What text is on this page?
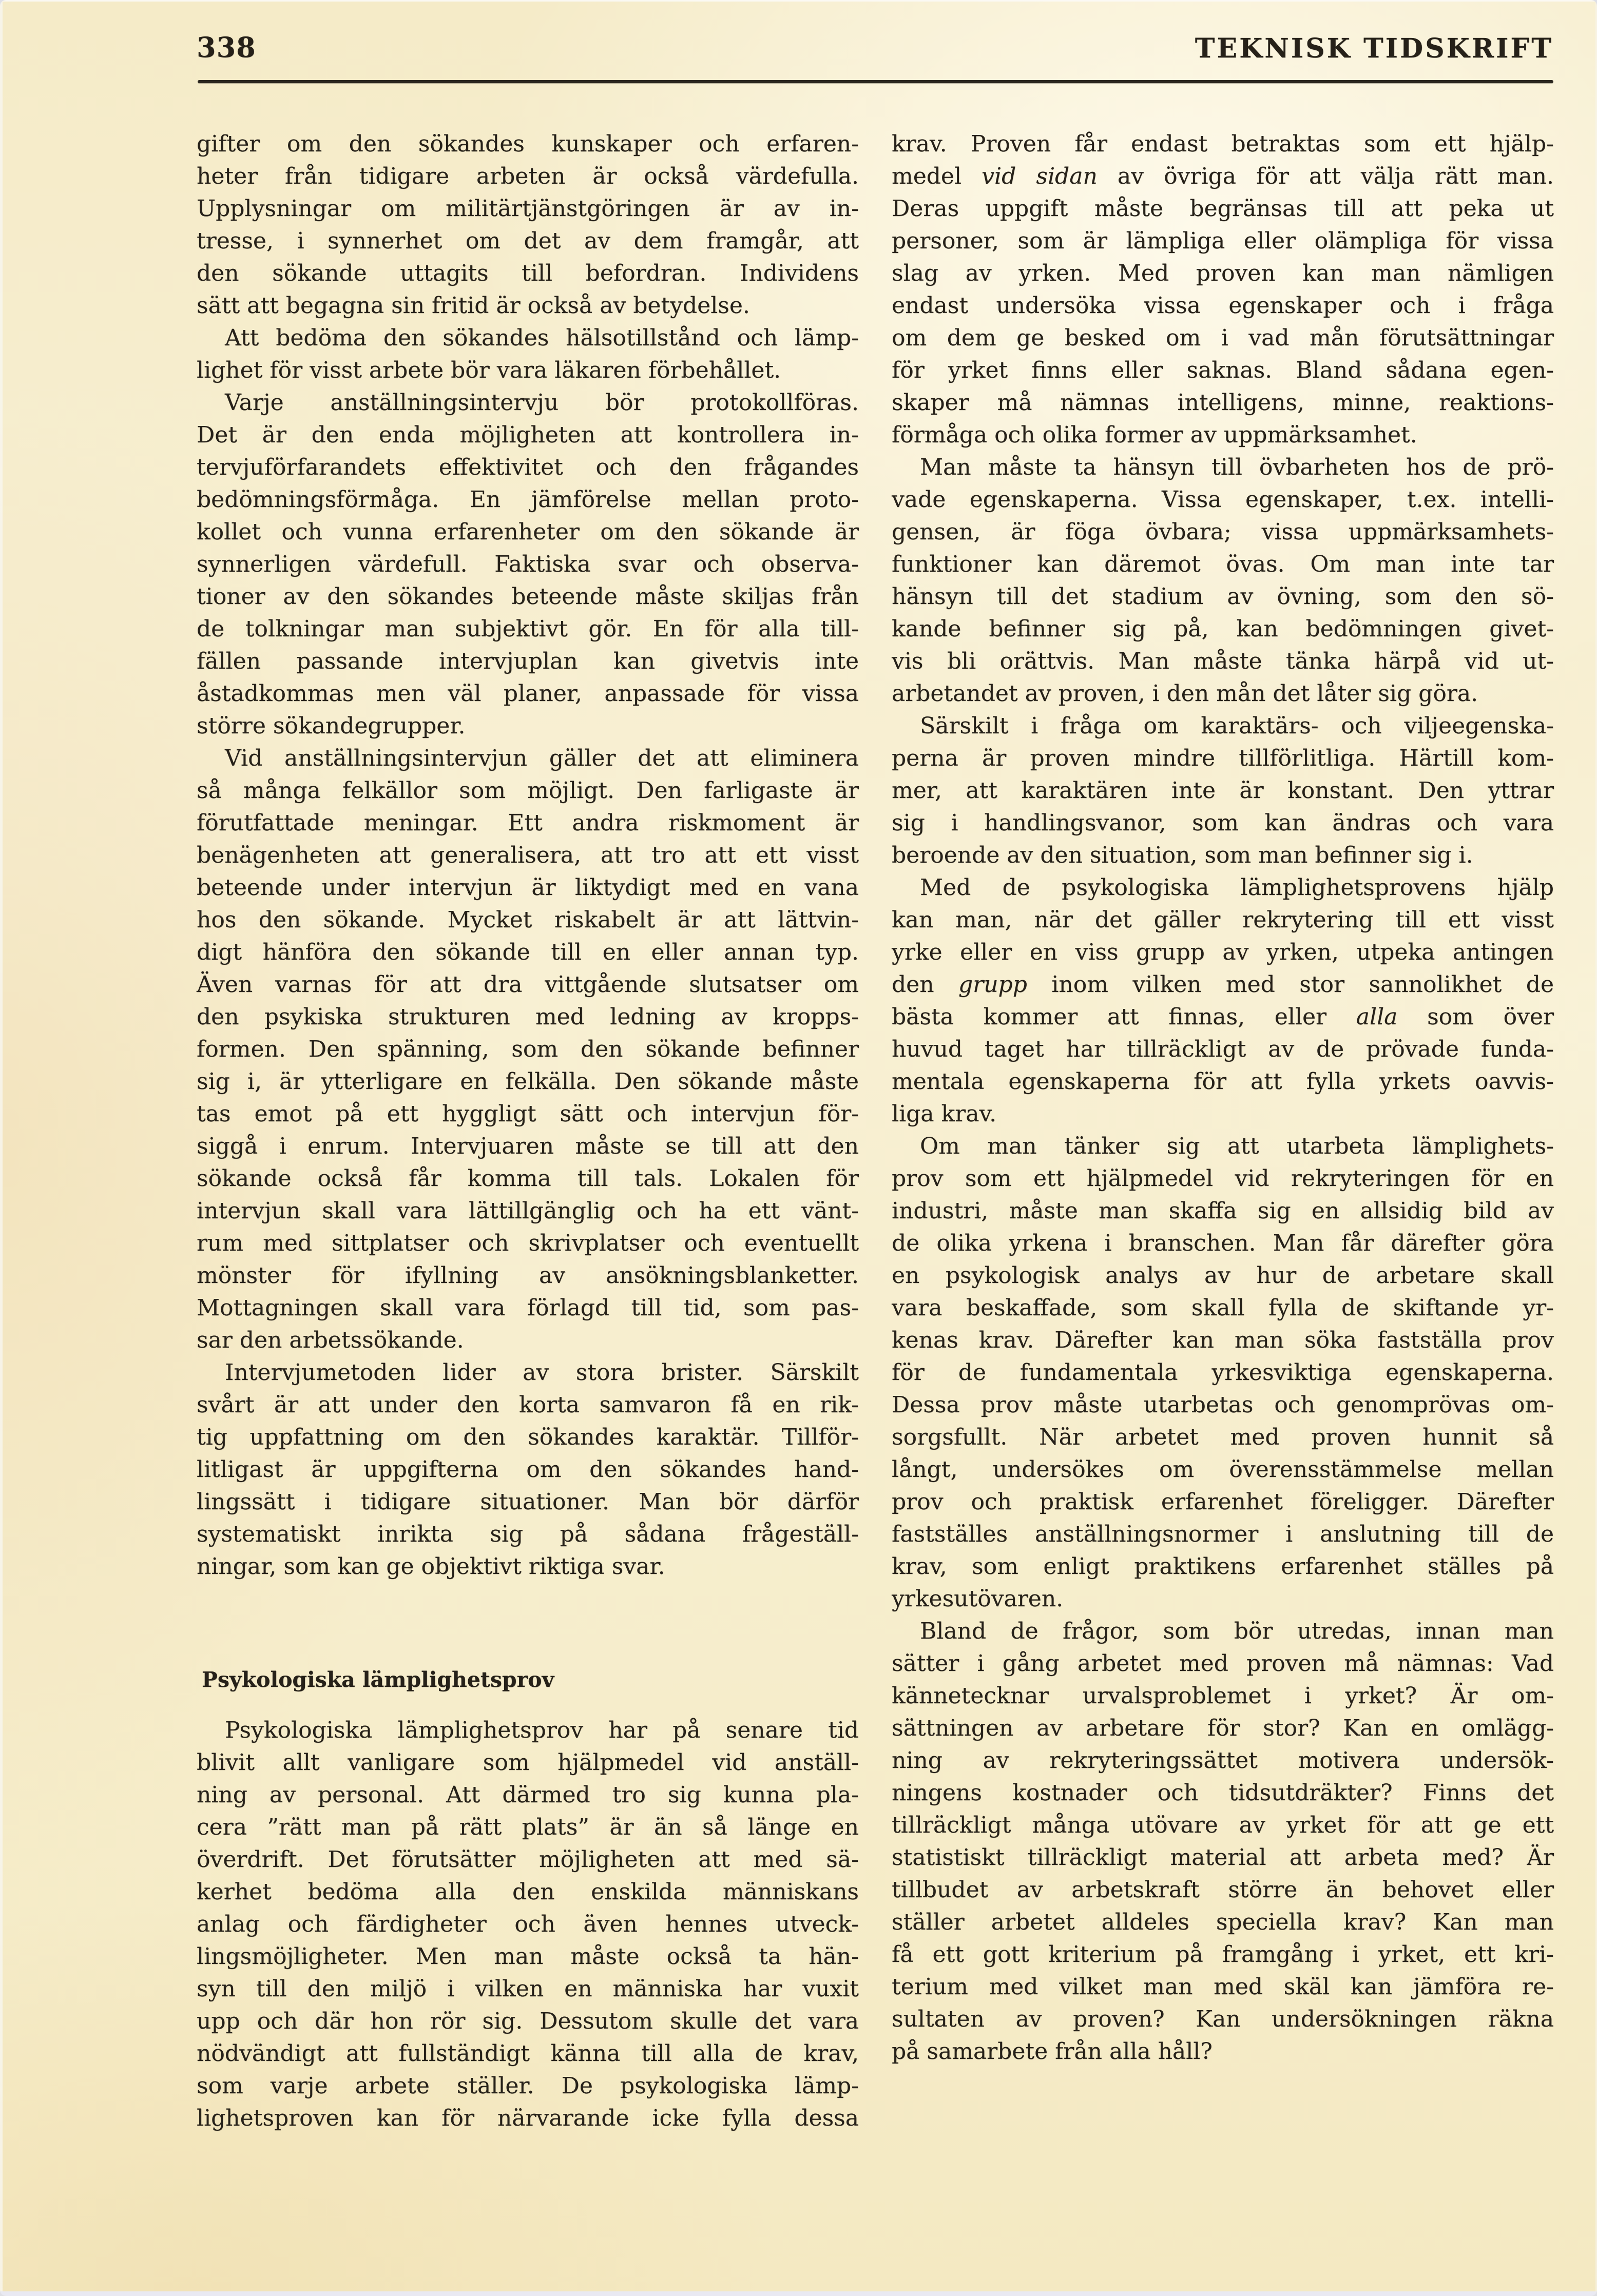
338	TEKNISK TIDSKRIFT
gifter om den sökandes kunskaper och erfaren-
heter från tidigare arbeten är också värdefulla.
Upplysningar om militärtjänstgöringen är av in-
tresse, i synnerhet om det av dem framgår, att
den sökande uttagits till befordran. Individens
sätt att begagna sin fritid är också av betydelse.
Att bedöma den sökandes hälsotillstånd och lämp-
lighet för visst arbete bör vara läkaren förbehållet.
Varje anställningsintervju bör protokollföras.
Det är den enda möjligheten att kontrollera in-
tervjuförfarandets effektivitet och den frågandes
bedömningsförmåga. En jämförelse mellan proto-
kollet och vunna erfarenheter om den sökande är
synnerligen värdefull. Faktiska svar och observa-
tioner av den sökandes beteende måste skiljas från
de tolkningar man subjektivt gör. En för alla till-
fällen passande intervjuplan kan givetvis inte
åstadkommas men väl planer, anpassade för vissa
större sökandegrupper.
Vid anställningsintervjun gäller det att eliminera
så många felkällor som möjligt. Den farligaste är
förutfattade meningar. Ett andra riskmoment är
benägenheten att generalisera, att tro att ett visst
beteende under intervjun är liktydigt med en vana
hos den sökande. Mycket riskabelt är att lättvin-
digt hänföra den sökande till en eller annan typ.
Även varnas för att dra vittgående slutsatser om
den psykiska strukturen med ledning av kropps-
formen. Den spänning, som den sökande befinner
sig i, är ytterligare en felkälla. Den sökande måste
tas emot på ett hyggligt sätt och intervjun för-
siggå i enrum. Intervjuaren måste se till att den
sökande också får komma till tals. Lokalen för
intervjun skall vara lättillgänglig och ha ett vänt-
rum med sittplatser och skrivplatser och eventuellt
mönster för ifyllning av ansökningsblanketter.
Mottagningen skall vara förlagd till tid, som pas-
sar den arbetssökande.
Intervjumetoden lider av stora brister. Särskilt
svårt är att under den korta samvaron få en rik-
tig uppfattning om den sökandes karaktär. Tillför-
litligast är uppgifterna om den sökandes hand-
lingssätt i tidigare situationer. Man bör därför
systematiskt inrikta sig på sådana frågeställ-
ningar, som kan ge objektivt riktiga svar.
Psykologiska lämplighetsprov
Psykologiska lämplighetsprov har på senare tid
blivit allt vanligare som hjälpmedel vid anställ-
ning av personal. Att därmed tro sig kunna pla-
cera ”rätt man på rätt plats” är än så länge en
överdrift. Det förutsätter möjligheten att med sä-
kerhet bedöma alla den enskilda människans
anlag och färdigheter och även hennes utveck-
lingsmöjligheter. Men man måste också ta hän-
syn till den miljö i vilken en människa har vuxit
upp och där hon rör sig. Dessutom skulle det vara
nödvändigt att fullständigt känna till alla de krav,
som varje arbete ställer. De psykologiska lämp-
lighetsproven kan för närvarande icke fylla dessa
krav. Proven får endast betraktas som ett hjälp-
medel vid sidan av övriga för att välja rätt man.
Deras uppgift måste begränsas till att peka ut
personer, som är lämpliga eller olämpliga för vissa
slag av yrken. Med proven kan man nämligen
endast undersöka vissa egenskaper och i fråga
om dem ge besked om i vad mån förutsättningar
för yrket finns eller saknas. Bland sådana egen-
skaper må nämnas intelligens, minne, reaktions-
förmåga och olika former av uppmärksamhet.
Man måste ta hänsyn till övbarheten hos de prö-
vade egenskaperna. Vissa egenskaper, t.ex. intelli-
gensen, är föga övbara; vissa uppmärksamhets-
funktioner kan däremot övas. Om man inte tar
hänsyn till det stadium av övning, som den sö-
kande befinner sig på, kan bedömningen givet-
vis bli orättvis. Man måste tänka härpå vid ut-
arbetandet av proven, i den mån det låter sig göra.
Särskilt i fråga om karaktärs- och viljeegenska-
perna är proven mindre tillförlitliga. Härtill kom-
mer, att karaktären inte är konstant. Den yttrar
sig i handlingsvanor, som kan ändras och vara
beroende av den situation, som man befinner sig i.
Med de psykologiska lämplighetsprovens hjälp
kan man, när det gäller rekrytering till ett visst
yrke eller en viss grupp av yrken, utpeka antingen
den grupp inom vilken med stor sannolikhet de
bästa kommer att finnas, eller alla som över
huvud taget har tillräckligt av de prövade funda-
mentala egenskaperna för att fylla yrkets oavvis-
liga krav.
Om man tänker sig att utarbeta lämplighets-
prov som ett hjälpmedel vid rekryteringen för en
industri, måste man skaffa sig en allsidig bild av
de olika yrkena i branschen. Man får därefter göra
en psykologisk analys av hur de arbetare skall
vara beskaffade, som skall fylla de skiftande yr-
kenas krav. Därefter kan man söka fastställa prov
för de fundamentala yrkesviktiga egenskaperna.
Dessa prov måste utarbetas och genomprövas om-
sorgsfullt. När arbetet med proven hunnit så
långt, undersökes om överensstämmelse mellan
prov och praktisk erfarenhet föreligger. Därefter
fastställes anställningsnormer i anslutning till de
krav, som enligt praktikens erfarenhet ställes på
yrkesutövaren.
Bland de frågor, som bör utredas, innan man
sätter i gång arbetet med proven må nämnas: Vad
kännetecknar urvalsproblemet i yrket? Är om-
sättningen av arbetare för stor? Kan en omlägg-
ning av rekryteringssättet motivera undersök-
ningens kostnader och tidsutdräkter? Finns det
tillräckligt många utövare av yrket för att ge ett
statistiskt tillräckligt material att arbeta med? Är
tillbudet av arbetskraft större än behovet eller
ställer arbetet alldeles speciella krav? Kan man
få ett gott kriterium på framgång i yrket, ett kri-
terium med vilket man med skäl kan jämföra re-
sultaten av proven? Kan undersökningen räkna
på samarbete från alla håll?
